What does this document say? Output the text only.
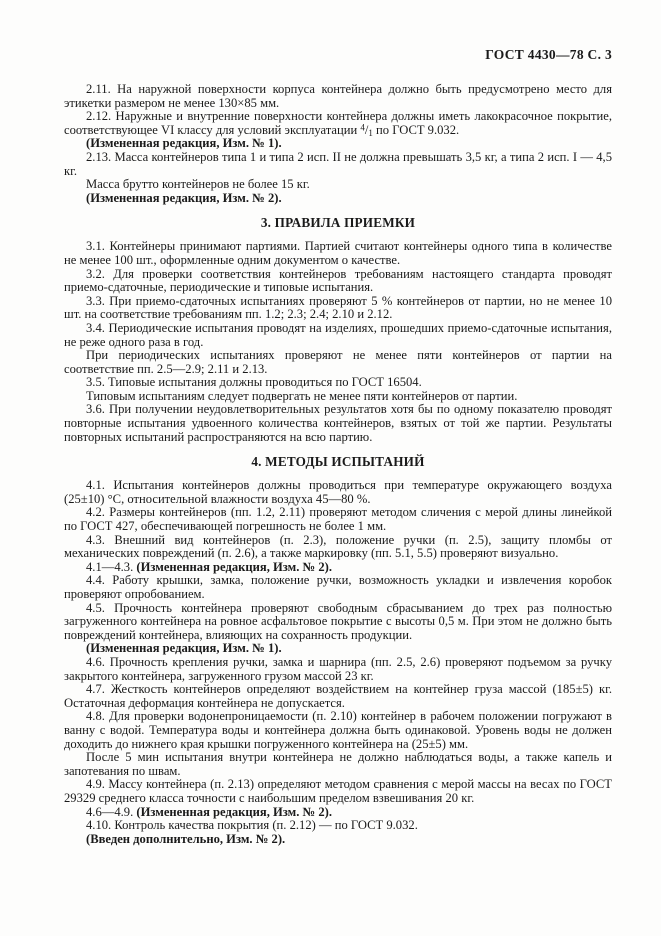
ГОСТ 4430—78 С. 3

2.11. На наружной поверхности корпуса контейнера должно быть предусмотрено место для этикетки размером не менее 130×85 мм.

2.12. Наружные и внутренние поверхности контейнера должны иметь лакокрасочное покрытие, соответствующее VI классу для условий эксплуатации $^4/_1$ по ГОСТ 9.032.

(Измененная редакция, Изм. № 1).

2.13. Масса контейнеров типа 1 и типа 2 исп. II не должна превышать 3,5 кг, а типа 2 исп. I — 4,5 кг.

Масса брутто контейнеров не более 15 кг.

(Измененная редакция, Изм. № 2).

3. ПРАВИЛА ПРИЕМКИ

3.1. Контейнеры принимают партиями. Партией считают контейнеры одного типа в количестве не менее 100 шт., оформленные одним документом о качестве.

3.2. Для проверки соответствия контейнеров требованиям настоящего стандарта проводят приемо-сдаточные, периодические и типовые испытания.

3.3. При приемо-сдаточных испытаниях проверяют 5 % контейнеров от партии, но не менее 10 шт. на соответствие требованиям пп. 1.2; 2.3; 2.4; 2.10 и 2.12.

3.4. Периодические испытания проводят на изделиях, прошедших приемо-сдаточные испытания, не реже одного раза в год.

При периодических испытаниях проверяют не менее пяти контейнеров от партии на соответствие пп. 2.5—2.9; 2.11 и 2.13.

3.5. Типовые испытания должны проводиться по ГОСТ 16504.

Типовым испытаниям следует подвергать не менее пяти контейнеров от партии.

3.6. При получении неудовлетворительных результатов хотя бы по одному показателю проводят повторные испытания удвоенного количества контейнеров, взятых от той же партии. Результаты повторных испытаний распространяются на всю партию.

4. МЕТОДЫ ИСПЫТАНИЙ

4.1. Испытания контейнеров должны проводиться при температуре окружающего воздуха (25±10) °С, относительной влажности воздуха 45—80 %.

4.2. Размеры контейнеров (пп. 1.2, 2.11) проверяют методом сличения с мерой длины линейкой по ГОСТ 427, обеспечивающей погрешность не более 1 мм.

4.3. Внешний вид контейнеров (п. 2.3), положение ручки (п. 2.5), защиту пломбы от механических повреждений (п. 2.6), а также маркировку (пп. 5.1, 5.5) проверяют визуально.

4.1—4.3. (Измененная редакция, Изм. № 2).

4.4. Работу крышки, замка, положение ручки, возможность укладки и извлечения коробок проверяют опробованием.

4.5. Прочность контейнера проверяют свободным сбрасыванием до трех раз полностью загруженного контейнера на ровное асфальтовое покрытие с высоты 0,5 м. При этом не должно быть повреждений контейнера, влияющих на сохранность продукции.

(Измененная редакция, Изм. № 1).

4.6. Прочность крепления ручки, замка и шарнира (пп. 2.5, 2.6) проверяют подъемом за ручку закрытого контейнера, загруженного грузом массой 23 кг.

4.7. Жесткость контейнеров определяют воздействием на контейнер груза массой (185±5) кг. Остаточная деформация контейнера не допускается.

4.8. Для проверки водонепроницаемости (п. 2.10) контейнер в рабочем положении погружают в ванну с водой. Температура воды и контейнера должна быть одинаковой. Уровень воды не должен доходить до нижнего края крышки погруженного контейнера на (25±5) мм.

После 5 мин испытания внутри контейнера не должно наблюдаться воды, а также капель и запотевания по швам.

4.9. Массу контейнера (п. 2.13) определяют методом сравнения с мерой массы на весах по ГОСТ 29329 среднего класса точности с наибольшим пределом взвешивания 20 кг.

4.6—4.9. (Измененная редакция, Изм. № 2).

4.10. Контроль качества покрытия (п. 2.12) — по ГОСТ 9.032.

(Введен дополнительно, Изм. № 2).
